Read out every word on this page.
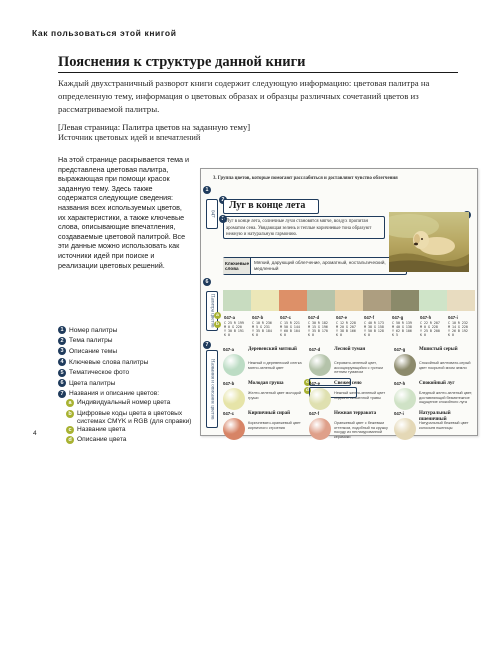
Как пользоваться этой книгой
Пояснения к структуре данной книги
Каждый двухстраничный разворот книги содержит следующую информацию: цветовая палитра на определенную тему, информация о цветовых образах и образцы различных сочетаний цветов из рассматриваемой палитры.
[Левая страница: Палитра цветов на заданную тему]
Источник цветовых идей и впечатлений
На этой странице раскрывается тема и представлена цветовая палитра, выражающая при помощи красок заданную тему. Здесь также содержатся следующие сведения: названия всех используемых цветов, их характеристики, а также ключевые слова, описывающие впечатления, создаваемые цветовой палитрой. Все эти данные можно использовать как источники идей при поиске и реализации цветовых решений.
1 Номер палитры
2 Тема палитры
3 Описание темы
4 Ключевые слова палитры
5 Тематическое фото
6 Цвета палитры
7 Названия и описание цветов:
a Индивидуальный номер цвета
b Цифровые коды цвета в цветовых системах CMYK и RGB (для справки)
c Название цвета
d Описание цвета
4
3. Группа цветов, которые помогают расслабиться и доставляют чувство облегчения
1
047
Луг в конце лета
3 Луг в конце лета, солнечные лучи становятся мягче, воздух пропитан ароматом сена. Увядающая зелень и теплые коричневые тона образуют нежную и натуральную гармонию.
Ключевые слова
Мягкий, дарующий облегчение, ароматный, ностальгический, медленный
6
Палитра цветов a
b
047-a
C 25 R 199
M 0 G 220
Y 30 B 191
K 0
047-b
C 10 R 236
M 5 G 231
Y 35 B 184
K 0
047-c
C 15 R 221
M 50 G 144
Y 60 B 104
K 0
047-d
C 30 R 182
M 15 G 196
Y 35 B 170
K 0
047-e
C 12 R 228
M 20 G 207
Y 38 B 166
K 0
047-f
C 40 R 173
M 38 G 158
Y 50 B 128
K 0
047-g
C 50 R 139
M 40 G 138
Y 62 B 106
K 5
047-h
C 22 R 207
M 0 G 228
Y 25 B 200
K 0
047-i
C 10 R 232
M 14 G 220
Y 26 B 192
K 0
7
Названия и описание цветов	c
d
047-a	Деревенский мятный
Нежный и деревенский слегка мятно-зеленый цвет
047-d	Лесной туман
Серовато-зеленый цвет, ассоциирующийся с густым летним туманом
047-g	Мшистый серый
Спокойный желтовато-серый цвет покрытой мхом земли
047-b	Молодая груша
Желто-зеленый цвет молодой груши
047-e	Свежее сено
Нежный желто-зеленый цвет недавно скошенной травы
047-h	Спокойный луг
Бледный желто-зеленый цвет, доставляющий безмятежное ощущение спокойного луга
047-c	Кирпичный сирай
Коричневато-оранжевый цвет кирпичного строения
047-f	Нежная терракота
Оранжевый цвет с бежевым оттенком, подобный на кружку посуду из неглазурованной керамики
047-i	Натуральный пшеничный
Натуральный бежевый цвет колосьев пшеницы
